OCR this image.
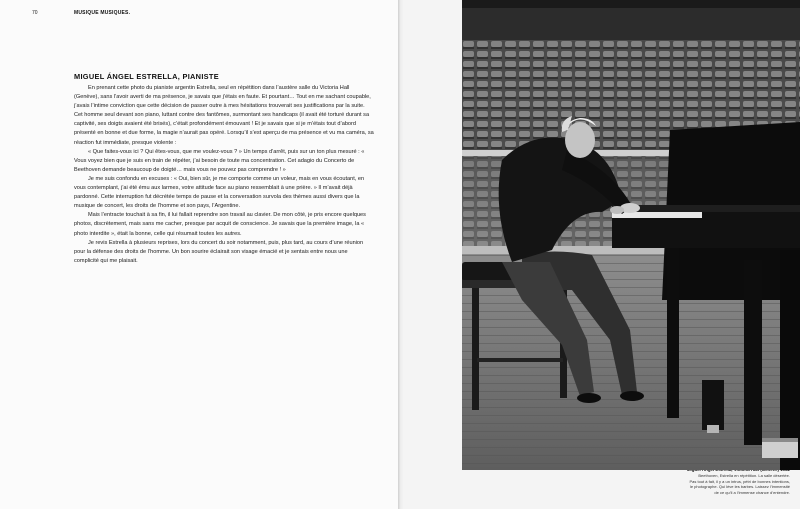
70	MUSIQUE MUSIQUES.
MIGUEL ÁNGEL ESTRELLA, PIANISTE

En prenant cette photo du pianiste argentin Estrella, seul en répétition dans l’austère salle du Victoria Hall (Genève), sans l’avoir averti de ma présence, je savais que j’étais en faute. Et pourtant… Tout en me sachant coupable, j’avais l’intime conviction que cette décision de passer outre à mes hésitations trouverait ses justifications par la suite. Cet homme seul devant son piano, luttant contre des fantômes, surmontant ses handicaps (il avait été torturé durant sa captivité, ses doigts avaient été brisés), c’était profondément émouvant ! Et je savais que si je m’étais tout d’abord présenté en bonne et due forme, la magie n’aurait pas opéré. Lorsqu’il s’est aperçu de ma présence et vu ma caméra, sa réaction fut immédiate, presque violente :

« Que faites-vous ici ? Qui êtes-vous, que me voulez-vous ? » Un temps d’arrêt, puis sur un ton plus mesuré : « Vous voyez bien que je suis en train de répéter, j’ai besoin de toute ma concentration. Cet adagio du Concerto de Beethoven demande beaucoup de doigté… mais vous ne pouvez pas comprendre ! »

Je me suis confondu en excuses : « Oui, bien sûr, je me comporte comme un voleur, mais en vous écoutant, en vous contemplant, j’ai été ému aux larmes, votre attitude face au piano ressemblait à une prière. » Il m’avait déjà pardonné. Cette interruption fut décrétée temps de pause et la conversation survola des thèmes aussi divers que la musique de concert, les droits de l’homme et son pays, l’Argentine.

Mais l’entracte touchait à sa fin, il lui fallait reprendre son travail au clavier. De mon côté, je pris encore quelques photos, discrètement, mais sans me cacher, presque par acquit de conscience. Je savais que la première image, la « photo interdite », était la bonne, celle qui résumait toutes les autres.

Je revis Estrella à plusieurs reprises, lors du concert du soir notamment, puis, plus tard, au cours d’une réunion pour la défense des droits de l’homme. Un bon sourire éclairait son visage émacié et je sentais entre nous une complicité qui me plaisait.

Beethoven, Estrella en répétition. La salle désertée.
Pas tout à fait, il y a un intrus, pétri de bonnes intentions,
le photographe. Qui lève les barbes. Laissez l’immensité
de ce qu’il a l’immense chance d’entendre.
